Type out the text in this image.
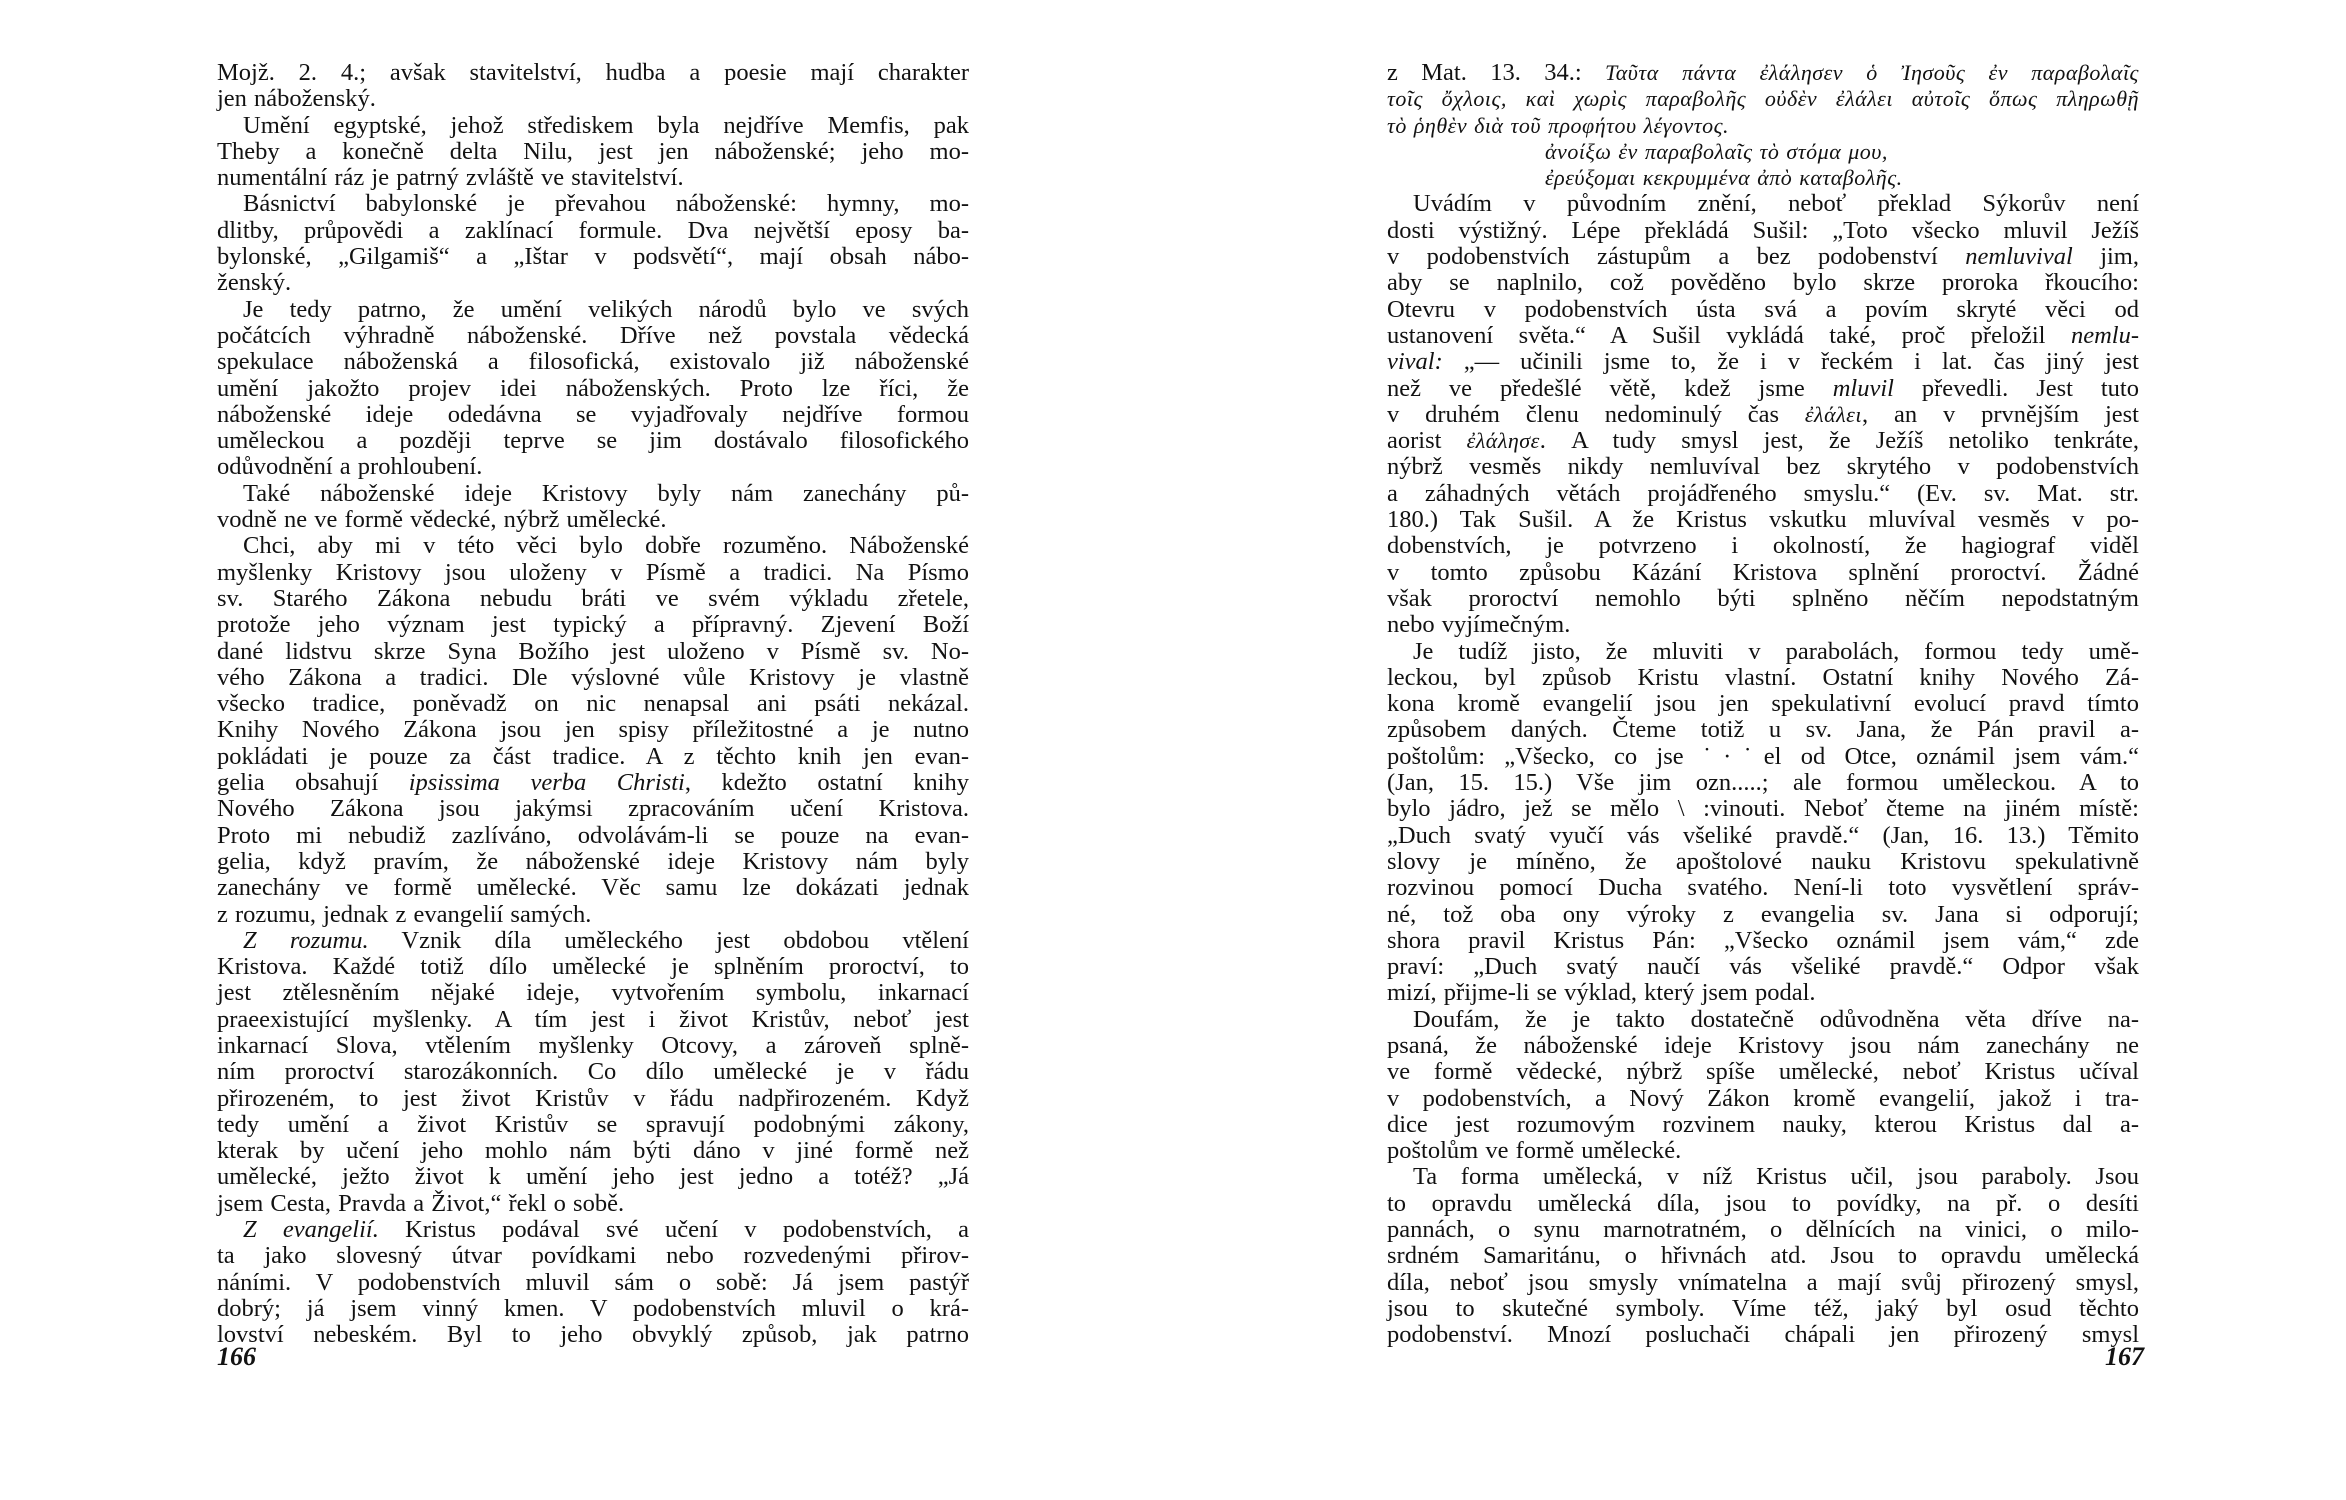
Mojž. 2. 4.; avšak stavitelství, hudba a poesie mají charakter
jen náboženský.
Umění egyptské, jehož střediskem byla nejdříve Memfis, pak
Theby a konečně delta Nilu, jest jen náboženské; jeho mo-
numentální ráz je patrný zvláště ve stavitelství.
Básnictví babylonské je převahou náboženské: hymny, mo-
dlitby, průpovědi a zaklínací formule. Dva největší eposy ba-
bylonské, „Gilgamiš“ a „Ištar v podsvětí“, mají obsah nábo-
ženský.
Je tedy patrno, že umění velikých národů bylo ve svých
počátcích výhradně náboženské. Dříve než povstala vědecká
spekulace náboženská a filosofická, existovalo již náboženské
umění jakožto projev idei náboženských. Proto lze říci, že
náboženské ideje odedávna se vyjadřovaly nejdříve formou
uměleckou a později teprve se jim dostávalo filosofického
odůvodnění a prohloubení.
Také náboženské ideje Kristovy byly nám zanechány pů-
vodně ne ve formě vědecké, nýbrž umělecké.
Chci, aby mi v této věci bylo dobře rozuměno. Náboženské
myšlenky Kristovy jsou uloženy v Písmě a tradici. Na Písmo
sv. Starého Zákona nebudu bráti ve svém výkladu zřetele,
protože jeho význam jest typický a přípravný. Zjevení Boží
dané lidstvu skrze Syna Božího jest uloženo v Písmě sv. No-
vého Zákona a tradici. Dle výslovné vůle Kristovy je vlastně
všecko tradice, poněvadž on nic nenapsal ani psáti nekázal.
Knihy Nového Zákona jsou jen spisy příležitostné a je nutno
pokládati je pouze za část tradice. A z těchto knih jen evan-
gelia obsahují ipsissima verba Christi, kdežto ostatní knihy
Nového Zákona jsou jakýmsi zpracováním učení Kristova.
Proto mi nebudiž zazlíváno, odvolávám-li se pouze na evan-
gelia, když pravím, že náboženské ideje Kristovy nám byly
zanechány ve formě umělecké. Věc samu lze dokázati jednak
z rozumu, jednak z evangelií samých.
Z rozumu. Vznik díla uměleckého jest obdobou vtělení
Kristova. Každé totiž dílo umělecké je splněním proroctví, to
jest ztělesněním nějaké ideje, vytvořením symbolu, inkarnací
praeexistující myšlenky. A tím jest i život Kristův, neboť jest
inkarnací Slova, vtělením myšlenky Otcovy, a zároveň splně-
ním proroctví starozákonních. Co dílo umělecké je v řádu
přirozeném, to jest život Kristův v řádu nadpřirozeném. Když
tedy umění a život Kristův se spravují podobnými zákony,
kterak by učení jeho mohlo nám býti dáno v jiné formě než
umělecké, ježto život k umění jeho jest jedno a totéž? „Já
jsem Cesta, Pravda a Život,“ řekl o sobě.
Z evangelií. Kristus podával své učení v podobenstvích, a
ta jako slovesný útvar povídkami nebo rozvedenými přirov-
náními. V podobenstvích mluvil sám o sobě: Já jsem pastýř
dobrý; já jsem vinný kmen. V podobenstvích mluvil o krá-
lovství nebeském. Byl to jeho obvyklý způsob, jak patrno
166
z Mat. 13. 34.: Ταῦτα πάντα ἐλάλησεν ὁ Ἰησοῦς ἐν παραβολαῖς
τοῖς ὄχλοις, καὶ χωρὶς παραβολῆς οὐδὲν ἐλάλει αὐτοῖς ὅπως πληρωθῇ
τὸ ῥηθὲν διὰ τοῦ προφήτου λέγοντος.
ἀνοίξω ἐν παραβολαῖς τὸ στόμα μου,
ἐρεύξομαι κεκρυμμένα ἀπὸ καταβολῆς.
Uvádím v původním znění, neboť překlad Sýkorův není
dosti výstižný. Lépe překládá Sušil: „Toto všecko mluvil Ježíš
v podobenstvích zástupům a bez podobenství nemluvival jim,
aby se naplnilo, což pověděno bylo skrze proroka řkoucího:
Otevru v podobenstvích ústa svá a povím skryté věci od
ustanovení světa.“ A Sušil vykládá také, proč přeložil nemlu-
vival: „— učinili jsme to, že i v řeckém i lat. čas jiný jest
než ve předešlé větě, kdež jsme mluvil převedli. Jest tuto
v druhém členu nedominulý čas ἐλάλει, an v prvnějším jest
aorist ἐλάλησε. A tudy smysl jest, že Ježíš netoliko tenkráte,
nýbrž vesměs nikdy nemluvíval bez skrytého v podobenstvích
a záhadných větách projádřeného smyslu.“ (Ev. sv. Mat. str.
180.) Tak Sušil. A že Kristus vskutku mluvíval vesměs v po-
dobenstvích, je potvrzeno i okolností, že hagiograf viděl
v tomto způsobu Kázání Kristova splnění proroctví. Žádné
však proroctví nemohlo býti splněno něčím nepodstatným
nebo vyjímečným.
Je tudíž jisto, že mluviti v parabolách, formou tedy umě-
leckou, byl způsob Kristu vlastní. Ostatní knihy Nového Zá-
kona kromě evangelií jsou jen spekulativní evolucí pravd tímto
způsobem daných. Čteme totiž u sv. Jana, že Pán pravil a-
poštolům: „Všecko, co jse ˙·˙el od Otce, oznámil jsem vám.“
(Jan, 15. 15.) Vše jim ozn.....; ale formou uměleckou. A to
bylo jádro, jež se mělo \ :vinouti. Neboť čteme na jiném místě:
„Duch svatý vyučí vás všeliké pravdě.“ (Jan, 16. 13.) Těmito
slovy je míněno, že apoštolové nauku Kristovu spekulativně
rozvinou pomocí Ducha svatého. Není-li toto vysvětlení správ-
né, tož oba ony výroky z evangelia sv. Jana si odporují;
shora pravil Kristus Pán: „Všecko oznámil jsem vám,“ zde
praví: „Duch svatý naučí vás všeliké pravdě.“ Odpor však
mizí, přijme-li se výklad, který jsem podal.
Doufám, že je takto dostatečně odůvodněna věta dříve na-
psaná, že náboženské ideje Kristovy jsou nám zanechány ne
ve formě vědecké, nýbrž spíše umělecké, neboť Kristus učíval
v podobenstvích, a Nový Zákon kromě evangelií, jakož i tra-
dice jest rozumovým rozvinem nauky, kterou Kristus dal a-
poštolům ve formě umělecké.
Ta forma umělecká, v níž Kristus učil, jsou paraboly. Jsou
to opravdu umělecká díla, jsou to povídky, na př. o desíti
pannách, o synu marnotratném, o dělnících na vinici, o milo-
srdném Samaritánu, o hřivnách atd. Jsou to opravdu umělecká
díla, neboť jsou smysly vnímatelna a mají svůj přirozený smysl,
jsou to skutečné symboly. Víme též, jaký byl osud těchto
podobenství. Mnozí posluchači chápali jen přirozený smysl
167
